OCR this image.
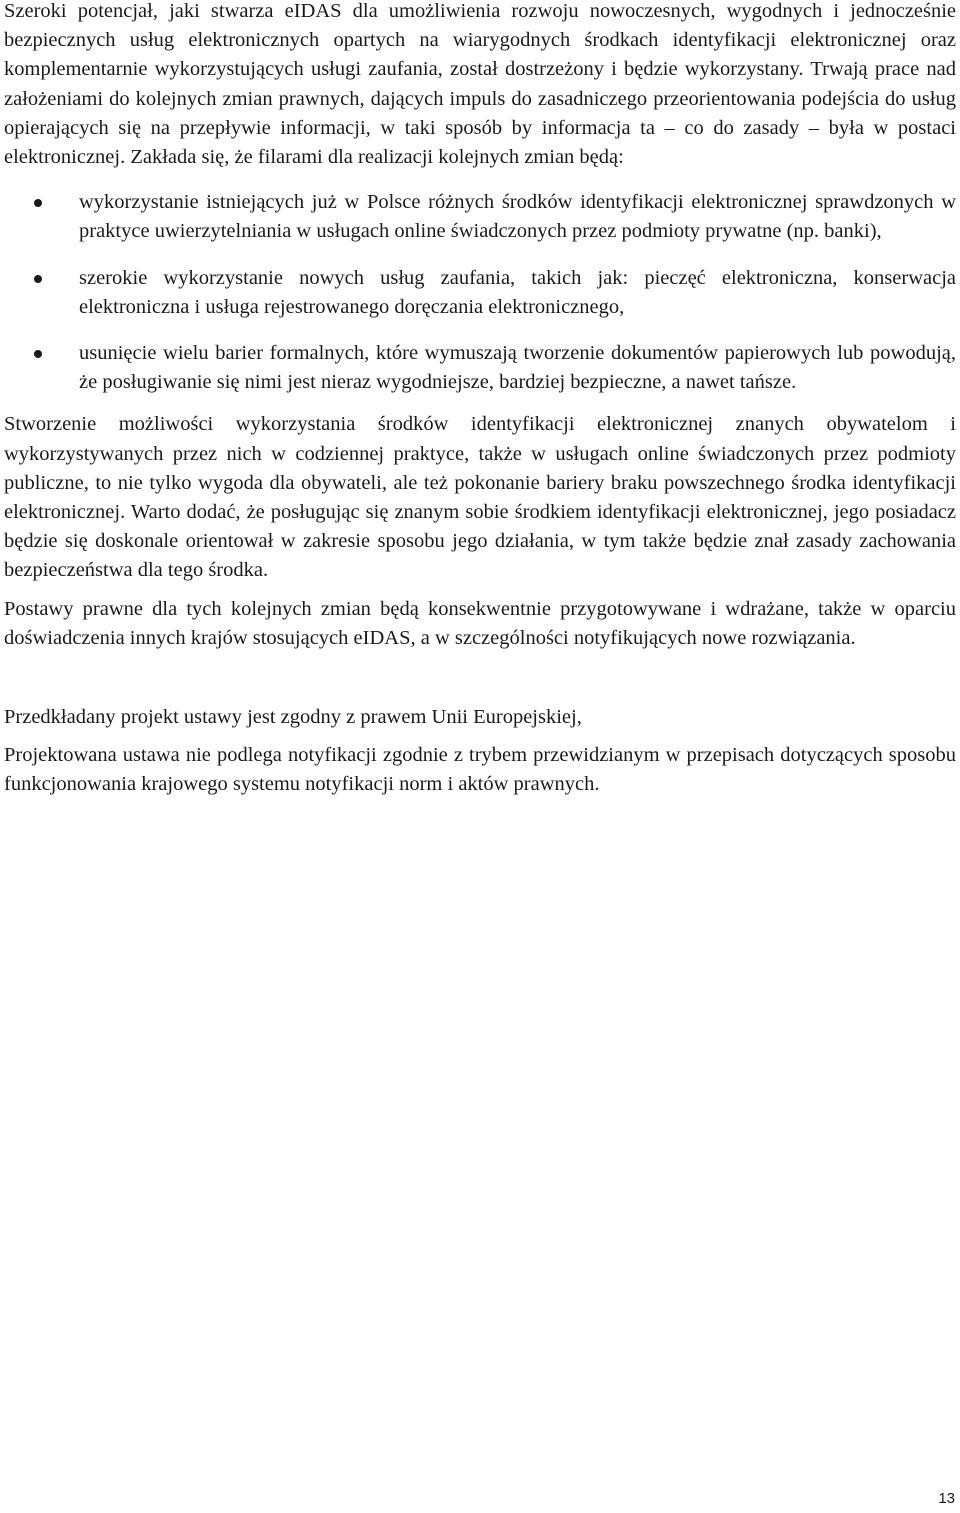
Szeroki potencjał, jaki stwarza eIDAS dla umożliwienia rozwoju nowoczesnych, wygodnych i jednocześnie bezpiecznych usług elektronicznych opartych na wiarygodnych środkach identyfikacji elektronicznej oraz komplementarnie wykorzystujących usługi zaufania, został dostrzeżony i będzie wykorzystany. Trwają prace nad założeniami do kolejnych zmian prawnych, dających impuls do zasadniczego przeorientowania podejścia do usług opierających się na przepływie informacji, w taki sposób by informacja ta – co do zasady – była w postaci elektronicznej. Zakłada się, że filarami dla realizacji kolejnych zmian będą:

wykorzystanie istniejących już w Polsce różnych środków identyfikacji elektronicznej sprawdzonych w praktyce uwierzytelniania w usługach online świadczonych przez podmioty prywatne (np. banki),
szerokie wykorzystanie nowych usług zaufania, takich jak: pieczęć elektroniczna, konserwacja elektroniczna i usługa rejestrowanego doręczania elektronicznego,
usunięcie wielu barier formalnych, które wymuszają tworzenie dokumentów papierowych lub powodują, że posługiwanie się nimi jest nieraz wygodniejsze, bardziej bezpieczne, a nawet tańsze.

Stworzenie możliwości wykorzystania środków identyfikacji elektronicznej znanych obywatelom i wykorzystywanych przez nich w codziennej praktyce, także w usługach online świadczonych przez podmioty publiczne, to nie tylko wygoda dla obywateli, ale też pokonanie bariery braku powszechnego środka identyfikacji elektronicznej. Warto dodać, że posługując się znanym sobie środkiem identyfikacji elektronicznej, jego posiadacz będzie się doskonale orientował w zakresie sposobu jego działania, w tym także będzie znał zasady zachowania bezpieczeństwa dla tego środka.

Postawy prawne dla tych kolejnych zmian będą konsekwentnie przygotowywane i wdrażane, także w oparciu doświadczenia innych krajów stosujących eIDAS, a w szczególności notyfikujących nowe rozwiązania.

Przedkładany projekt ustawy jest zgodny z prawem Unii Europejskiej,

Projektowana ustawa nie podlega notyfikacji zgodnie z trybem przewidzianym w przepisach dotyczących sposobu funkcjonowania krajowego systemu notyfikacji norm i aktów prawnych.

13
